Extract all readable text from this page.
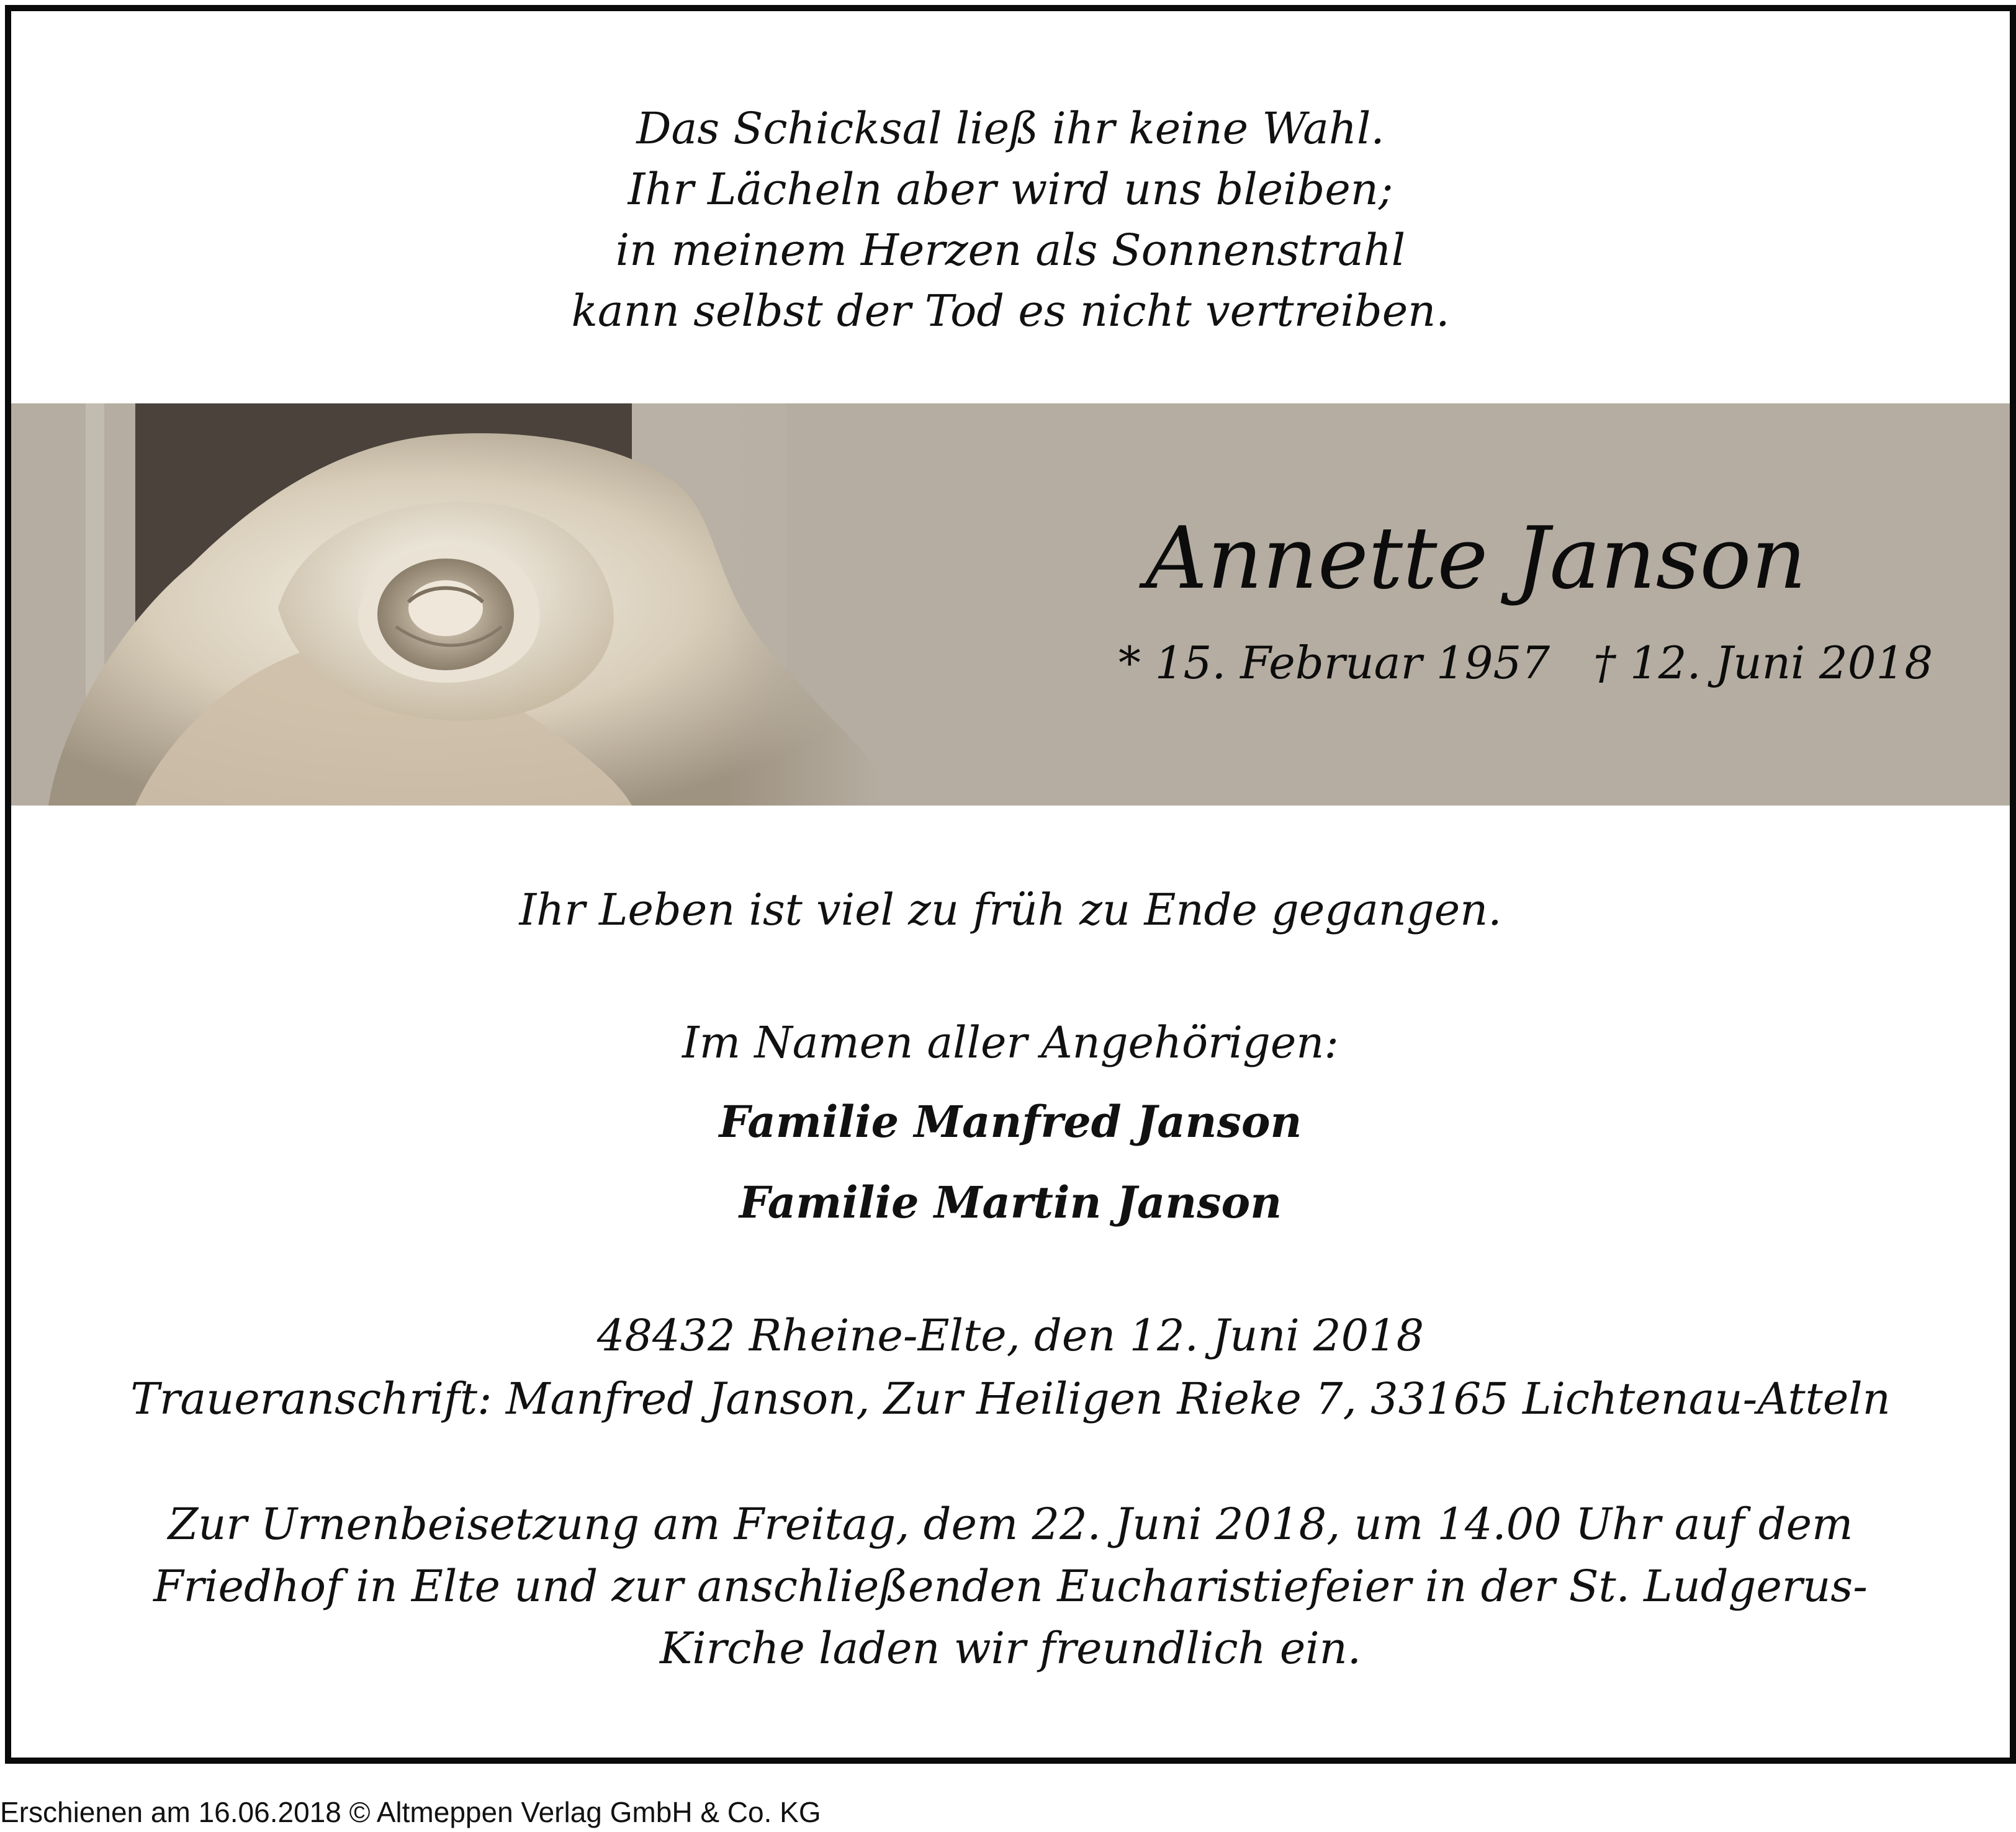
Das Schicksal ließ ihr keine Wahl.
Ihr Lächeln aber wird uns bleiben;
in meinem Herzen als Sonnenstrahl
kann selbst der Tod es nicht vertreiben.
Annette Janson
* 15. Februar 1957 † 12. Juni 2018
Ihr Leben ist viel zu früh zu Ende gegangen.
Im Namen aller Angehörigen:
Familie Manfred Janson
Familie Martin Janson
48432 Rheine-Elte, den 12. Juni 2018
Traueranschrift: Manfred Janson, Zur Heiligen Rieke 7, 33165 Lichtenau-Atteln
Zur Urnenbeisetzung am Freitag, dem 22. Juni 2018, um 14.00 Uhr auf dem
Friedhof in Elte und zur anschließenden Eucharistiefeier in der St. Ludgerus-
Kirche laden wir freundlich ein.
Erschienen am 16.06.2018 © Altmeppen Verlag GmbH & Co. KG
